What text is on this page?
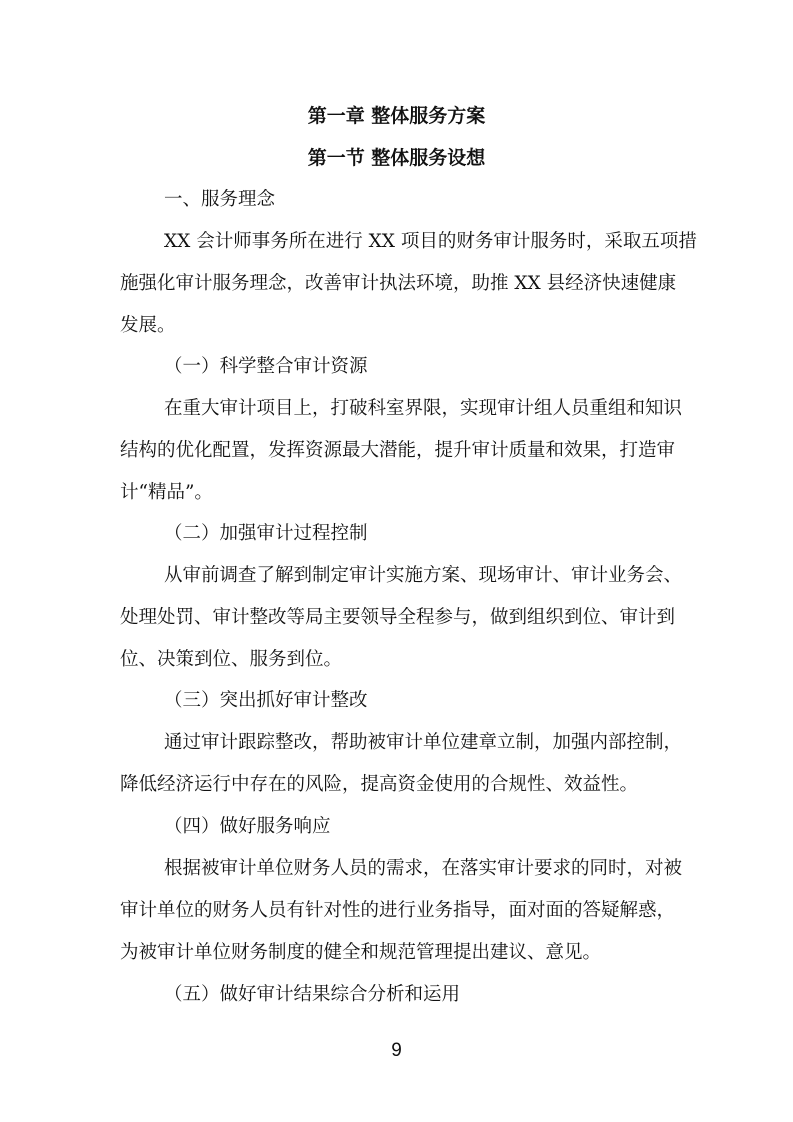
第一章 整体服务方案
第一节 整体服务设想
一、服务理念
XX 会计师事务所在进行 XX 项目的财务审计服务时，采取五项措
施强化审计服务理念，改善审计执法环境，助推 XX 县经济快速健康
发展。
（一）科学整合审计资源
在重大审计项目上，打破科室界限，实现审计组人员重组和知识
结构的优化配置，发挥资源最大潜能，提升审计质量和效果，打造审
计“精品”。
（二）加强审计过程控制
从审前调查了解到制定审计实施方案、现场审计、审计业务会、
处理处罚、审计整改等局主要领导全程参与，做到组织到位、审计到
位、决策到位、服务到位。
（三）突出抓好审计整改
通过审计跟踪整改，帮助被审计单位建章立制，加强内部控制，
降低经济运行中存在的风险，提高资金使用的合规性、效益性。
（四）做好服务响应
根据被审计单位财务人员的需求，在落实审计要求的同时，对被
审计单位的财务人员有针对性的进行业务指导，面对面的答疑解惑，
为被审计单位财务制度的健全和规范管理提出建议、意见。
（五）做好审计结果综合分析和运用
9
